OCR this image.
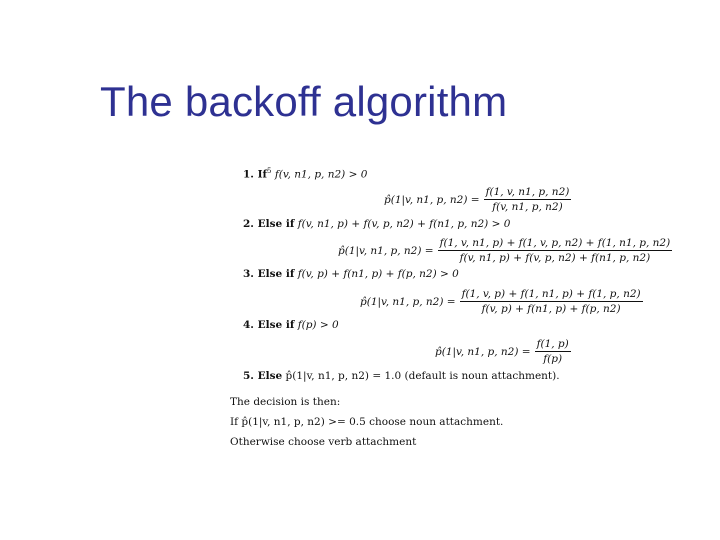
The backoff algorithm
1. If$^5$ f(v, n1, p, n2) > 0
p̂(1|v, n1, p, $n2) = \frac{f(1, v, n1, p, n2)}{f(v, n1, p, n2)}$
2. Else if f(v, n1, p) + f(v, p, n2) + f(n1, p, n2) > 0
p̂(1|v, n1, p, $n2) = \frac{f(1, v, n1, p) + f(1, v, p, n2) + f(1, n1, p, n2)}{f(v, n1, p) + f(v, p, n2) + f(n1, p, n2)}$
3. Else if f(v, p) + f(n1, p) + f(p, n2) > 0
p̂(1|v, n1, p, $n2) = \frac{f(1, v, p) + f(1, n1, p) + f(1, p, n2)}{f(v, p) + f(n1, p) + f(p, n2)}$
4. Else if f(p) > 0
p̂(1|v, n1, p, $n2) = \frac{f(1, p)}{f(p)}$
5. Else p̂(1|v, n1, p, n2) = 1.0 (default is noun attachment).
The decision is then:
If p̂(1|v, n1, p, n2) >= 0.5 choose noun attachment.
Otherwise choose verb attachment
